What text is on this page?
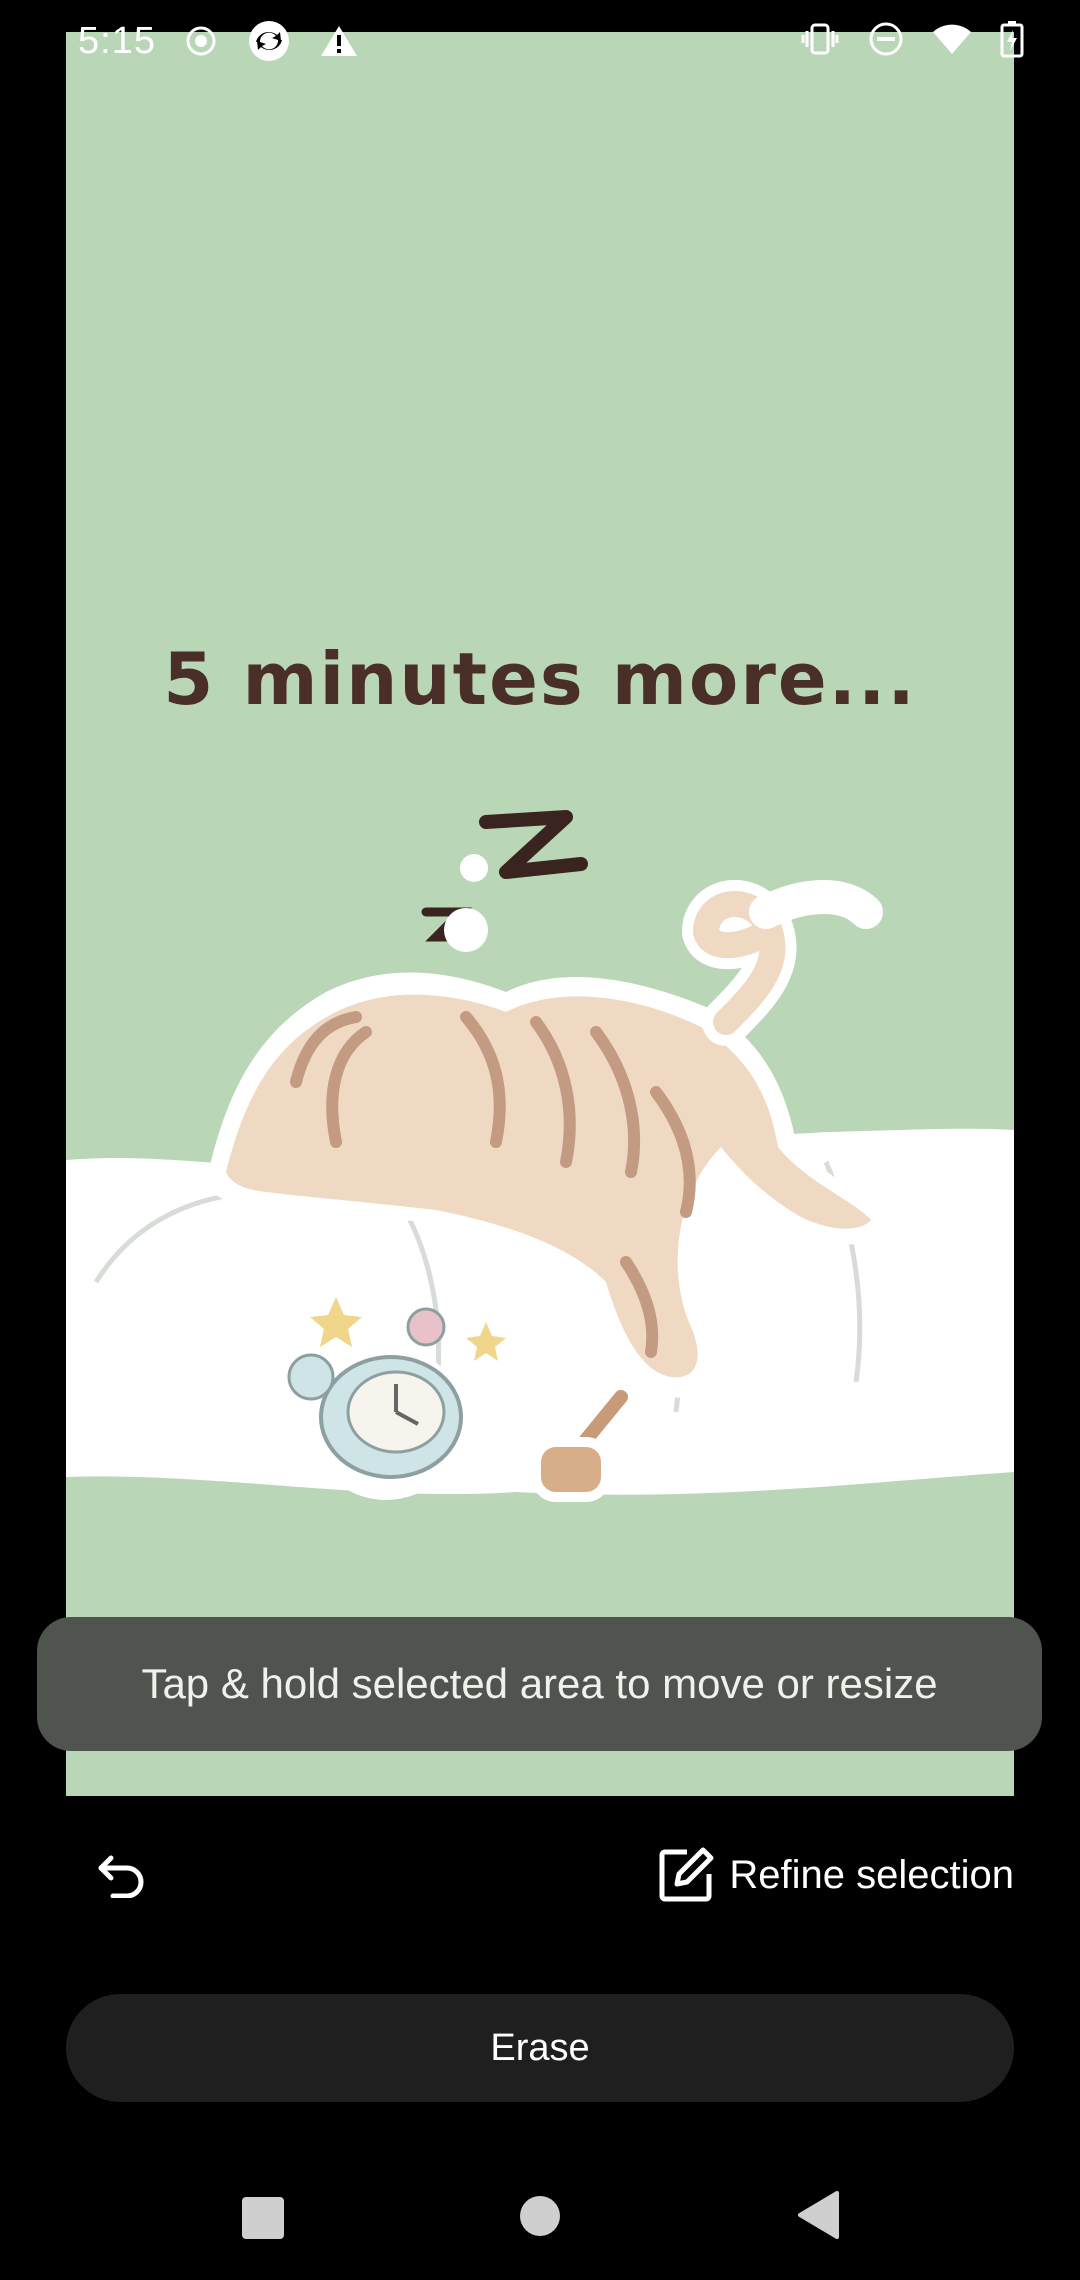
5:15
5 minutes more...
Tap & hold selected area to move or resize
Refine selection
Erase
